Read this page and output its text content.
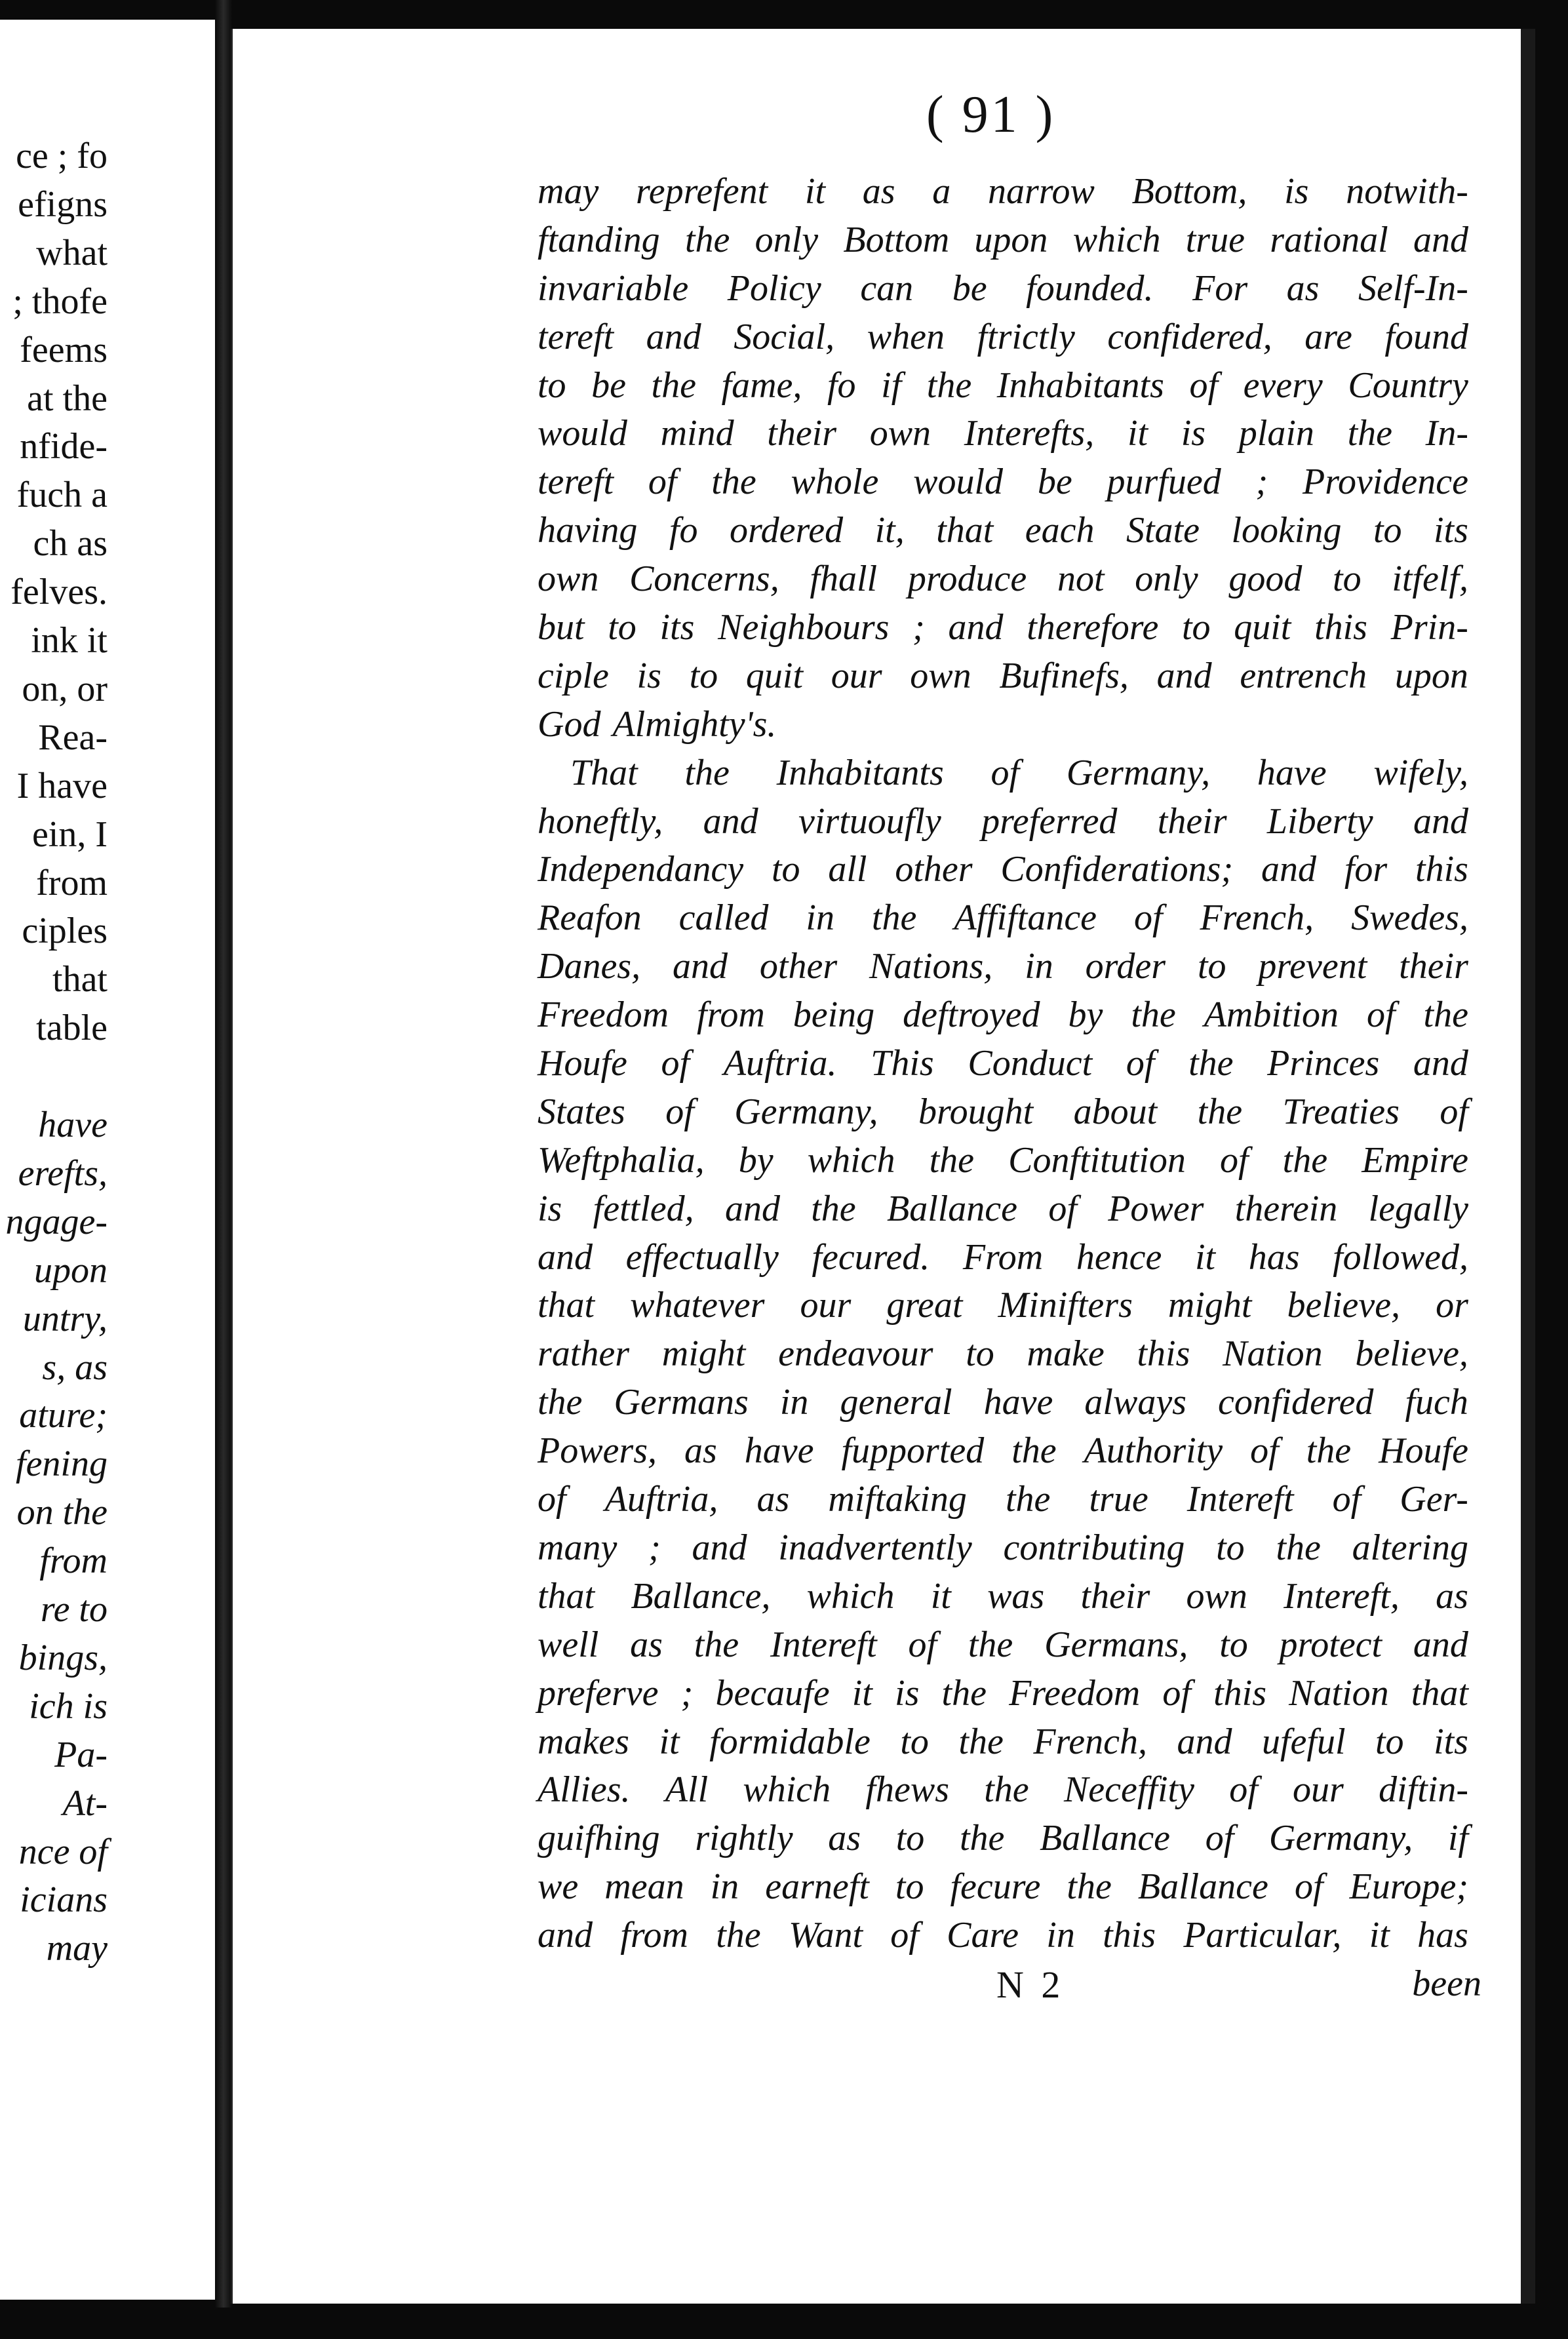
ce ; fo
efigns
what
; thofe
feems
at the
nfide-
fuch a
ch as
felves.
ink it
on, or
Rea-
I have
ein, I
from
ciples
that
table
have
erefts,
ngage-
upon
untry,
s, as
ature;
fening
on the
from
re to
bings,
ich is
Pa-
At-
nce of
icians
may
( 91 )
may reprefent it as a narrow Bottom, is notwith-
ftanding the only Bottom upon which true rational and
invariable Policy can be founded. For as Self-In-
tereft and Social, when ftrictly confidered, are found
to be the fame, fo if the Inhabitants of every Country
would mind their own Interefts, it is plain the In-
tereft of the whole would be purfued ; Providence
having fo ordered it, that each State looking to its
own Concerns, fhall produce not only good to itfelf,
but to its Neighbours ; and therefore to quit this Prin-
ciple is to quit our own Bufinefs, and entrench upon
God Almighty's.
That the Inhabitants of Germany, have wifely,
honeftly, and virtuoufly preferred their Liberty and
Independancy to all other Confiderations; and for this
Reafon called in the Affiftance of French, Swedes,
Danes, and other Nations, in order to prevent their
Freedom from being deftroyed by the Ambition of the
Houfe of Auftria. This Conduct of the Princes and
States of Germany, brought about the Treaties of
Weftphalia, by which the Conftitution of the Empire
is fettled, and the Ballance of Power therein legally
and effectually fecured. From hence it has followed,
that whatever our great Minifters might believe, or
rather might endeavour to make this Nation believe,
the Germans in general have always confidered fuch
Powers, as have fupported the Authority of the Houfe
of Auftria, as miftaking the true Intereft of Ger-
many ; and inadvertently contributing to the altering
that Ballance, which it was their own Intereft, as
well as the Intereft of the Germans, to protect and
preferve ; becaufe it is the Freedom of this Nation that
makes it formidable to the French, and ufeful to its
Allies. All which fhews the Neceffity of our diftin-
guifhing rightly as to the Ballance of Germany, if
we mean in earneft to fecure the Ballance of Europe;
and from the Want of Care in this Particular, it has
N 2	been
